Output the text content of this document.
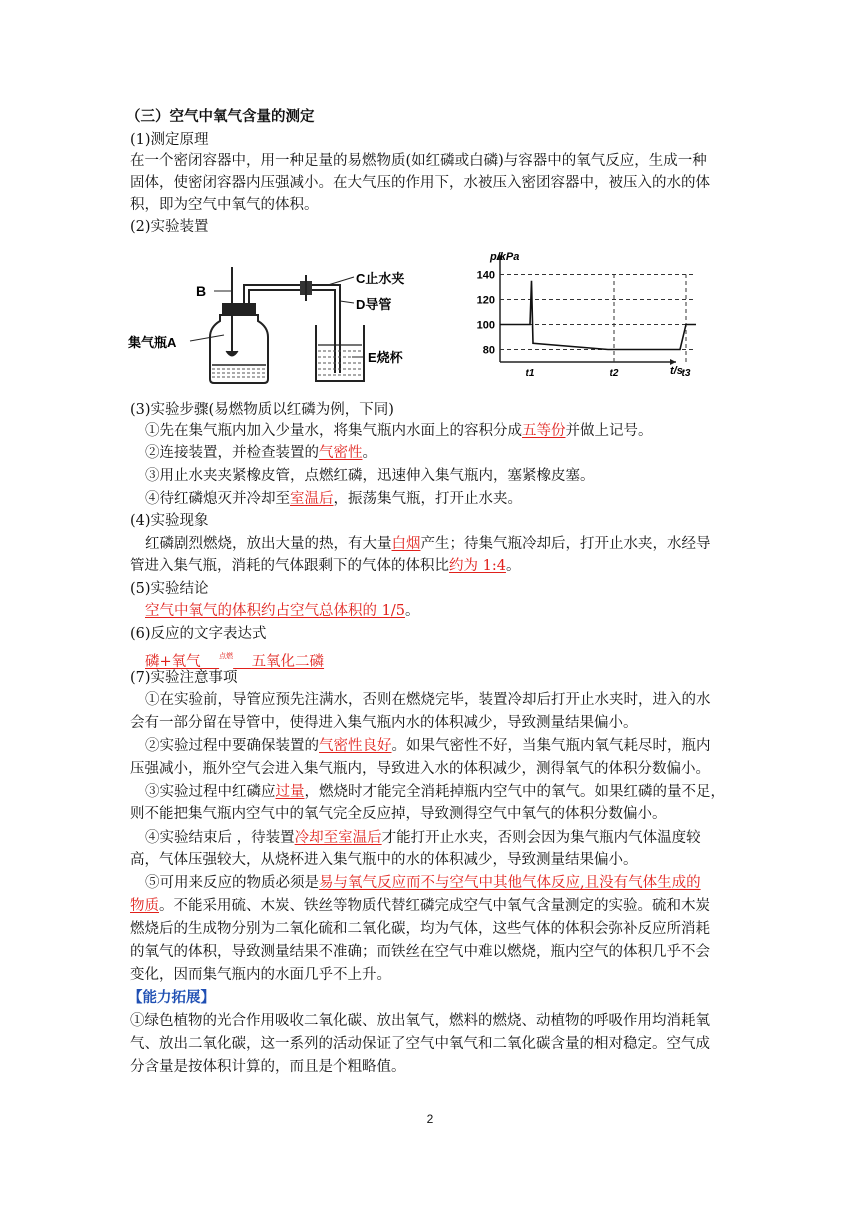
（三）空气中氧气含量的测定
(1)测定原理
在一个密闭容器中，用一种足量的易燃物质(如红磷或白磷)与容器中的氧气反应，生成一种
固体，使密闭容器内压强减小。在大气压的作用下，水被压入密团容器中，被压入的水的体
积，即为空气中氧气的体积。
(2)实验装置
B
C止水夹
D导管
集气瓶A
E烧杯
140
120
100
80
t1	t2	t3
p/kPa
t/s
(3)实验步骤(易燃物质以红磷为例，下同)
①先在集气瓶内加入少量水，将集气瓶内水面上的容积分成五等份并做上记号。
②连接装置，并检查装置的气密性。
③用止水夹夹紧橡皮管，点燃红磷，迅速伸入集气瓶内，塞紧橡皮塞。
④待红磷熄灭并冷却至室温后，振荡集气瓶，打开止水夹。
(4)实验现象
红磷剧烈燃烧，放出大量的热，有大量白烟产生；待集气瓶冷却后，打开止水夹，水经导
管进入集气瓶，消耗的气体跟剩下的气体的体积比约为 1:4。
(5)实验结论
空气中氧气的体积约占空气总体积的 1/5。
(6)反应的文字表达式
磷+氧气  	$^{点燃}$   五氧化二磷
(7)实验注意事项
①在实验前，导管应预先注满水，否则在燃烧完毕，装置冷却后打开止水夹时，进入的水
会有一部分留在导管中，使得进入集气瓶内水的体积减少，导致测量结果偏小。
②实验过程中要确保装置的气密性良好。如果气密性不好，当集气瓶内氧气耗尽时，瓶内
压强减小，瓶外空气会进入集气瓶内，导致进入水的体积减少，测得氧气的体积分数偏小。
③实验过程中红磷应过量，燃烧时才能完全消耗掉瓶内空气中的氧气。如果红磷的量不足，
则不能把集气瓶内空气中的氧气完全反应掉，导致测得空气中氧气的体积分数偏小。
④实验结束后 ，待装置冷却至室温后才能打开止水夹，否则会因为集气瓶内气体温度较
高，气体压强较大，从烧杯进入集气瓶中的水的体积减少，导致测量结果偏小。
⑤可用来反应的物质必须是易与氧气反应而不与空气中其他气体反应,且没有气体生成的
物质。不能采用硫、木炭、铁丝等物质代替红磷完成空气中氧气含量测定的实验。硫和木炭
燃烧后的生成物分别为二氧化硫和二氧化碳，均为气体，这些气体的体积会弥补反应所消耗
的氧气的体积，导致测量结果不准确；而铁丝在空气中难以燃烧，瓶内空气的体积几乎不会
变化，因而集气瓶内的水面几乎不上升。
【能力拓展】
①绿色植物的光合作用吸收二氧化碳、放出氧气，燃料的燃烧、动植物的呼吸作用均消耗氧
气、放出二氧化碳，这一系列的活动保证了空气中氧气和二氧化碳含量的相对稳定。空气成
分含量是按体积计算的，而且是个粗略值。
2
